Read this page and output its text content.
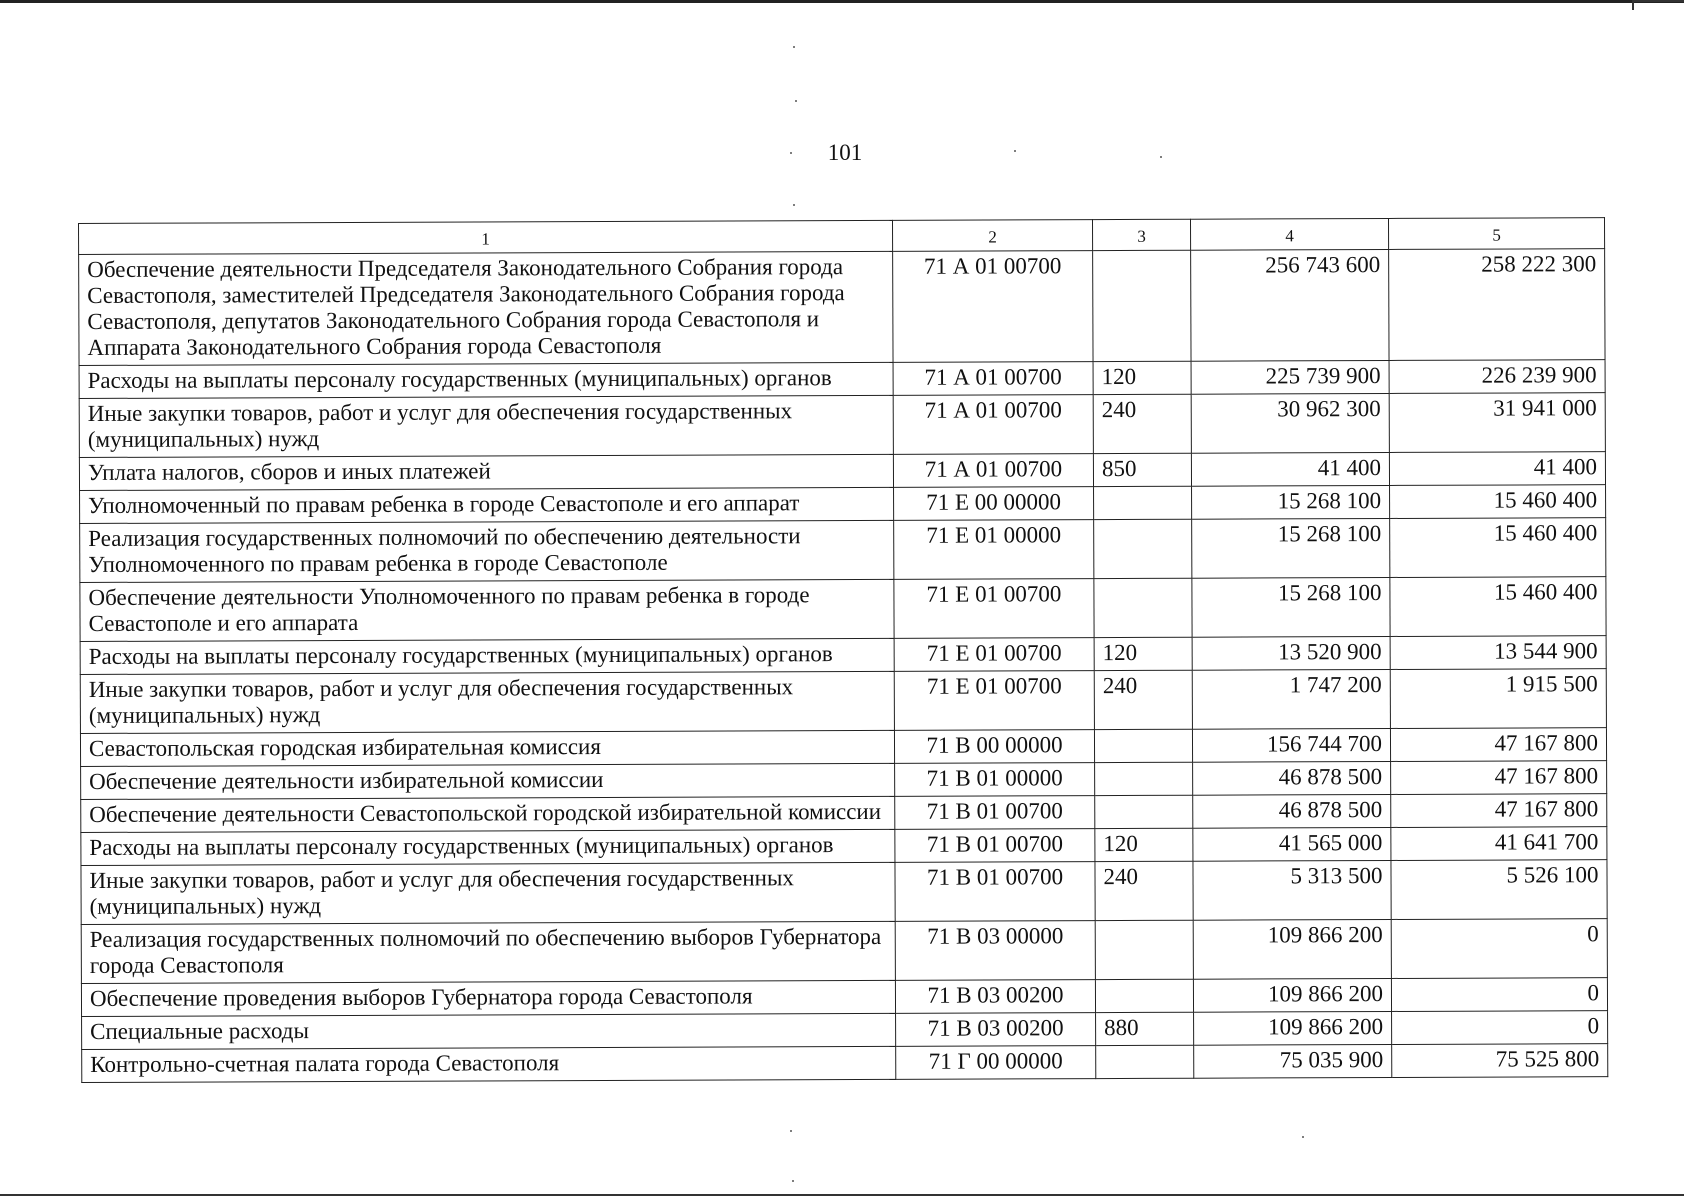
101
1	2	3	4	5
Обеспечение деятельности Председателя Законодательного Собрания города Севастополя, заместителей Председателя Законодательного Собрания города Севастополя, депутатов Законодательного Собрания города Севастополя и Аппарата Законодательного Собрания города Севастополя	71 А 01 00700		256 743 600	258 222 300
Расходы на выплаты персоналу государственных (муниципальных) органов	71 А 01 00700	120	225 739 900	226 239 900
Иные закупки товаров, работ и услуг для обеспечения государственных (муниципальных) нужд	71 А 01 00700	240	30 962 300	31 941 000
Уплата налогов, сборов и иных платежей	71 А 01 00700	850	41 400	41 400
Уполномоченный по правам ребенка в городе Севастополе и его аппарат	71 Е 00 00000		15 268 100	15 460 400
Реализация государственных полномочий по обеспечению деятельности Уполномоченного по правам ребенка в городе Севастополе	71 Е 01 00000		15 268 100	15 460 400
Обеспечение деятельности Уполномоченного по правам ребенка в городе Севастополе и его аппарата	71 Е 01 00700		15 268 100	15 460 400
Расходы на выплаты персоналу государственных (муниципальных) органов	71 Е 01 00700	120	13 520 900	13 544 900
Иные закупки товаров, работ и услуг для обеспечения государственных (муниципальных) нужд	71 Е 01 00700	240	1 747 200	1 915 500
Севастопольская городская избирательная комиссия	71 В 00 00000		156 744 700	47 167 800
Обеспечение деятельности избирательной комиссии	71 В 01 00000		46 878 500	47 167 800
Обеспечение деятельности Севастопольской городской избирательной комиссии	71 В 01 00700		46 878 500	47 167 800
Расходы на выплаты персоналу государственных (муниципальных) органов	71 В 01 00700	120	41 565 000	41 641 700
Иные закупки товаров, работ и услуг для обеспечения государственных (муниципальных) нужд	71 В 01 00700	240	5 313 500	5 526 100
Реализация государственных полномочий по обеспечению выборов Губернатора города Севастополя	71 В 03 00000		109 866 200	0
Обеспечение проведения выборов Губернатора города Севастополя	71 В 03 00200		109 866 200	0
Специальные расходы	71 В 03 00200	880	109 866 200	0
Контрольно-счетная палата города Севастополя	71 Г 00 00000		75 035 900	75 525 800
